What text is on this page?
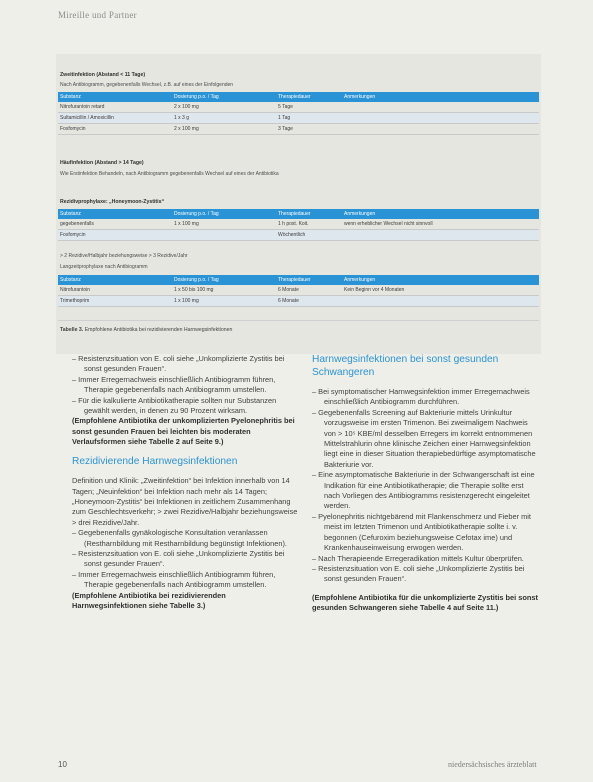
Mireille und Partner
Zweitinfektion (Abstand < 11 Tage)
Nach Antibiogramm, gegebenenfalls Wechsel, z.B. auf eines der Einfolgenden
Substanz	Dosierung p.o. / Tag	Therapiedauer	Anmerkungen
Nitrofurantoin retard	2 x 100 mg	5 Tage	
Sultamicillin / Amoxicillin	1 x 3 g	1 Tag	
Fosfomycin	2 x 100 mg	3 Tage	
Häufinfektion (Abstand > 14 Tage)
Wie Erstinfektion Behandeln, nach Antibiogramm gegebenenfalls Wechsel auf eines der Antibiotika
Rezidivprophylaxe: „Honeymoon-Zystitis“
Substanz	Dosierung p.o. / Tag	Therapiedauer	Anmerkungen
gegebenenfalls	1 x 100 mg	1 h post. Koit.	wenn erheblicher Wechsel nicht sinnvoll
Fosfomycin		Wöchentlich	
> 2 Rezidive/Halbjahr beziehungsweise > 3 Rezidive/Jahr
Langzeitprophylaxe nach Antibiogramm
Substanz	Dosierung p.o. / Tag	Therapiedauer	Anmerkungen
Nitrofurantoin	1 x 50 bis 100 mg	6 Monate	Kein Beginn vor 4 Monaten
Trimethoprim	1 x 100 mg	6 Monate	
Tabelle 3. Empfohlene Antibiotika bei rezidivierenden Harnwegsinfektionen

– Resistenzsituation von E. coli siehe „Unkomplizierte Zystitis bei sonst gesunden Frauen“.

– Immer Erregernachweis einschließlich Antibiogramm führen, Therapie gegebenenfalls nach Antibiogramm umstellen.

– Für die kalkulierte Antibiotikatherapie sollten nur Substanzen gewählt werden, in denen zu 90 Prozent wirksam.

(Empfohlene Antibiotika der unkomplizierten Pyelonephritis bei sonst gesunden Frauen bei leichten bis moderaten Verlaufsformen siehe Tabelle 2 auf Seite 9.)

Rezidivierende Harnwegsinfektionen

Definition und Klinik: „Zweitinfektion“ bei Infektion innerhalb von 14 Tagen; „Neuinfektion“ bei Infektion nach mehr als 14 Tagen; „Honeymoon-Zystitis“ bei Infektionen in zeitlichem Zusammenhang zum Geschlechtsverkehr; > zwei Rezidive/Halbjahr beziehungsweise > drei Rezidive/Jahr.

– Gegebenenfalls gynäkologische Konsultation veranlassen (Restharnbildung mit Restharnbildung begünstigt Infektionen).

– Resistenzsituation von E. coli siehe „Unkomplizierte Zystitis bei sonst gesunder Frauen“.

– Immer Erregernachweis einschließlich Antibiogramm führen, Therapie gegebenenfalls nach Antibiogramm umstellen.

(Empfohlene Antibiotika bei rezidivierenden Harnwegsinfektionen siehe Tabelle 3.)

Harnwegsinfektionen bei sonst gesunden Schwangeren

– Bei symptomatischer Harnwegsinfektion immer Erregernachweis einschließlich Antibiogramm durchführen.

– Gegebenenfalls Screening auf Bakteriurie mittels Urinkultur vorzugsweise im ersten Trimenon. Bei zweimaligem Nachweis von > 10⁵ KBE/ml desselben Erregers im korrekt entnommenen Mittelstrahlurin ohne klinische Zeichen einer Harnwegsinfektion liegt eine in dieser Situation therapiebedürftige asymptomatische Bakteriurie vor.

– Eine asymptomatische Bakteriurie in der Schwangerschaft ist eine Indikation für eine Antibiotikatherapie; die Therapie sollte erst nach Vorliegen des Antibiogramms resistenzgerecht eingeleitet werden.

– Pyelonephritis nichtgebärend mit Flankenschmerz und Fieber mit meist im letzten Trimenon und Antibiotikatherapie sollte i. v. begonnen (Cefuroxim beziehungsweise Cefotax ime) und Krankenhauseinweisung erwogen werden.

– Nach Therapieende Erregeradikation mittels Kultur überprüfen.

– Resistenzsituation von E. coli siehe „Unkomplizierte Zystitis bei sonst gesunden Frauen“.

(Empfohlene Antibiotika für die unkomplizierte Zystitis bei sonst gesunden Schwangeren siehe Tabelle 4 auf Seite 11.)

10	niedersächsisches ärzteblatt
